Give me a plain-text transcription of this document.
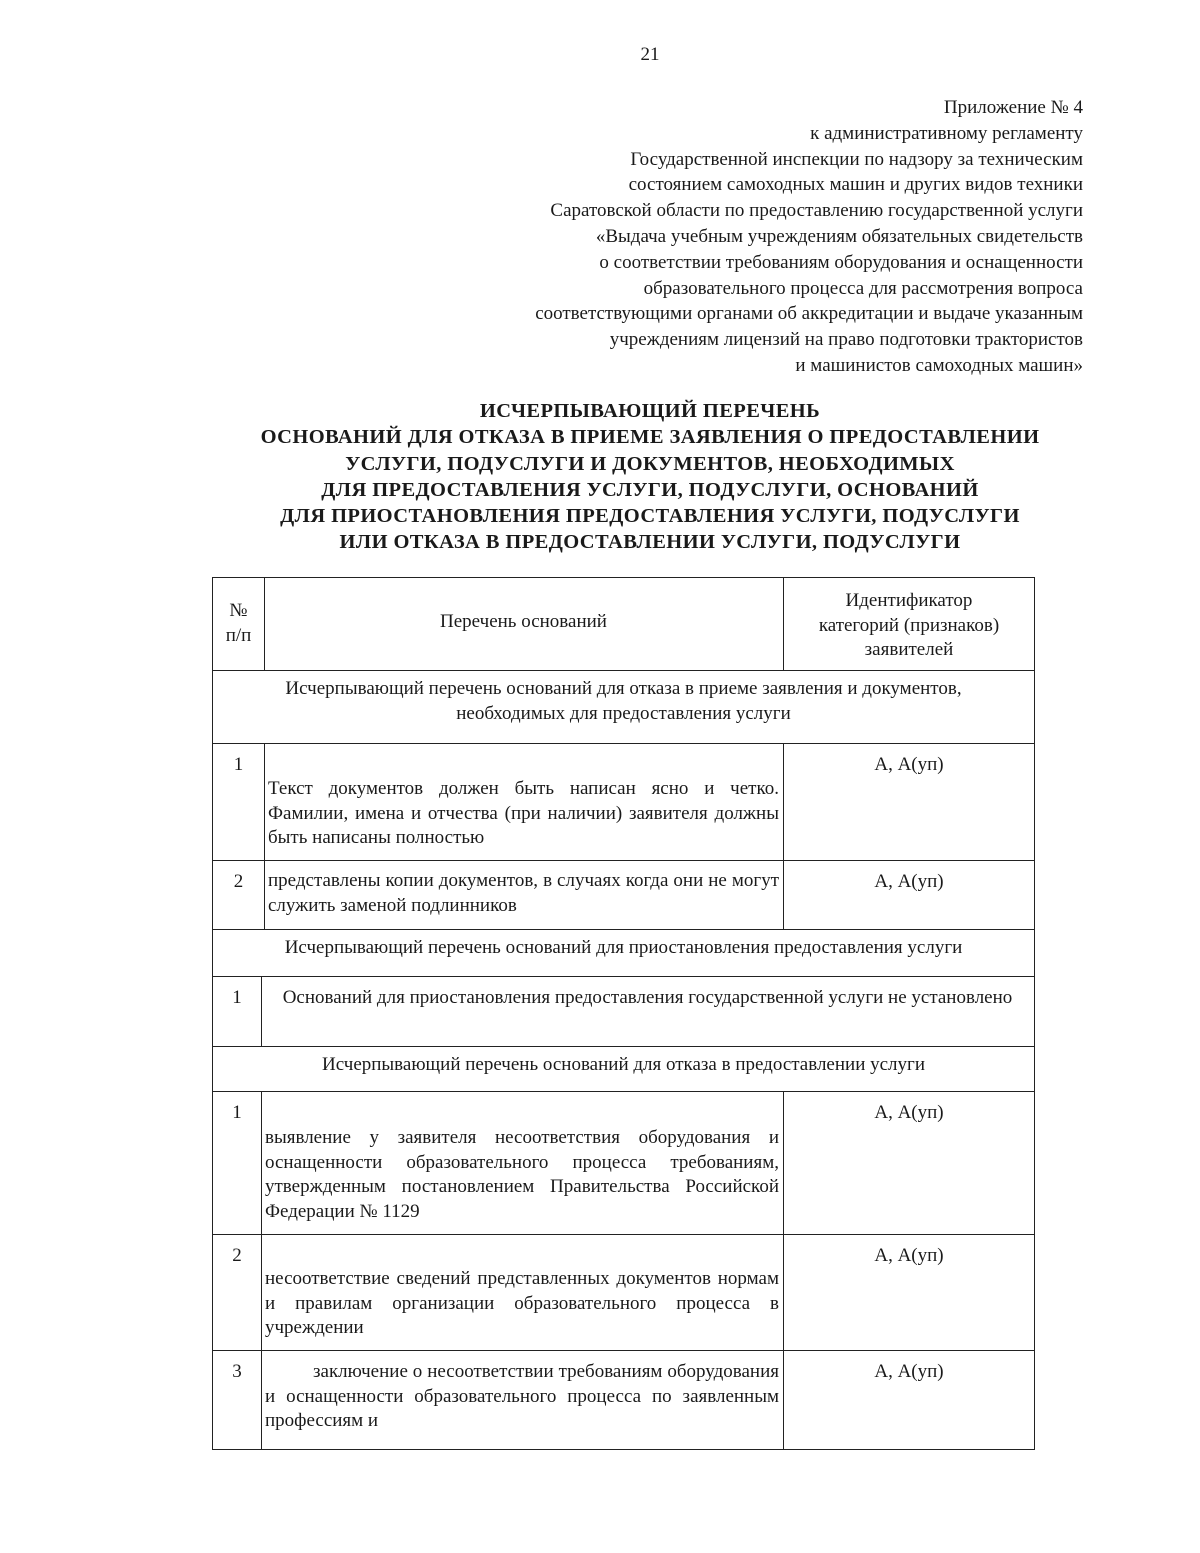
21
Приложение № 4
к административному регламенту
Государственной инспекции по надзору за техническим
состоянием самоходных машин и других видов техники
Саратовской области по предоставлению государственной услуги
«Выдача учебным учреждениям обязательных свидетельств
о соответствии требованиям оборудования и оснащенности
образовательного процесса для рассмотрения вопроса
соответствующими органами об аккредитации и выдаче указанным
учреждениям лицензий на право подготовки трактористов
и машинистов самоходных машин»
ИСЧЕРПЫВАЮЩИЙ ПЕРЕЧЕНЬ
ОСНОВАНИЙ ДЛЯ ОТКАЗА В ПРИЕМЕ ЗАЯВЛЕНИЯ О ПРЕДОСТАВЛЕНИИ
УСЛУГИ, ПОДУСЛУГИ И ДОКУМЕНТОВ, НЕОБХОДИМЫХ
ДЛЯ ПРЕДОСТАВЛЕНИЯ УСЛУГИ, ПОДУСЛУГИ, ОСНОВАНИЙ
ДЛЯ ПРИОСТАНОВЛЕНИЯ ПРЕДОСТАВЛЕНИЯ УСЛУГИ, ПОДУСЛУГИ
ИЛИ ОТКАЗА В ПРЕДОСТАВЛЕНИИ УСЛУГИ, ПОДУСЛУГИ
№
п/п
Перечень оснований
Идентификатор
категорий (признаков)
заявителей
Исчерпывающий перечень оснований для отказа в приеме заявления и документов,
необходимых для предоставления услуги
1
Текст документов должен быть написан ясно и четко. Фамилии, имена и отчества (при наличии) заявителя должны быть написаны полностью
А, А(уп)
2	представлены копии документов, в случаях когда они не могут служить заменой подлинников
А, А(уп)
Исчерпывающий перечень оснований для приостановления предоставления услуги
1	Оснований для приостановления предоставления государственной услуги не установлено
Исчерпывающий перечень оснований для отказа в предоставлении услуги
1
выявление у заявителя несоответствия оборудования и оснащенности образовательного процесса требованиям, утвержденным постановлением Правительства Российской Федерации № 1129
А, А(уп)
2
несоответствие сведений представленных документов нормам и правилам организации образовательного процесса в учреждении
А, А(уп)
3	заключение о несоответствии требованиям оборудования и оснащенности образовательного процесса по заявленным профессиям и
А, А(уп)
